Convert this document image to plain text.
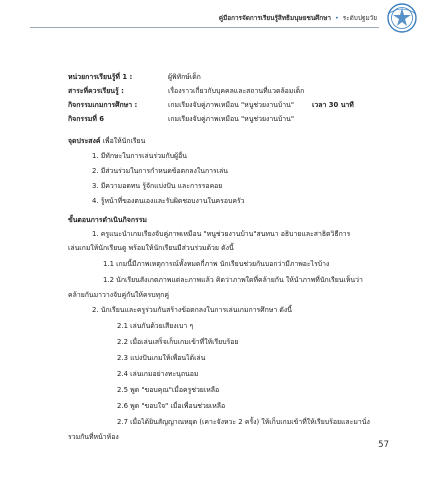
คู่มือการจัดการเรียนรู้สิทธิมนุษยชนศึกษา • ระดับปฐมวัย
หน่วยการเรียนรู้ที่ 1 :	ผู้พิทักษ์เด็ก
สาระที่ควรเรียนรู้ :	เรื่องราวเกี่ยวกับบุคคลและสถานที่แวดล้อมเด็ก
กิจกรรมเกมการศึกษา :	เกมเรียงจับคู่ภาพเหมือน "หนูช่วยงานบ้าน"	เวลา 30 นาที
กิจกรรมที่ 6	เกมเรียงจับคู่ภาพเหมือน "หนูช่วยงานบ้าน"
จุดประสงค์ เพื่อให้นักเรียน
1. มีทักษะในการเล่นร่วมกับผู้อื่น
2. มีส่วนร่วมในการกำหนดข้อตกลงในการเล่น
3. มีความอดทน รู้จักแบ่งปัน และการรอคอย
4. รู้หน้าที่ของตนเองและรับผิดชอบงานในครอบครัว
ขั้นตอนการดำเนินกิจกรรม
1. ครูแนะนำเกมเรียงจับคู่ภาพเหมือน "หนูช่วยงานบ้าน"สนทนา อธิบายและสาธิตวิธีการ
เล่นเกมให้นักเรียนดู พร้อมให้นักเรียนมีส่วนร่วมด้วย ดังนี้
1.1 เกมนี้มีภาพเหตุการณ์ทั้งหมดกี่ภาพ นักเรียนช่วยกันบอกว่ามีภาพอะไรบ้าง
1.2 นักเรียนสังเกตภาพแต่ละภาพแล้ว คิดว่าภาพใดที่คล้ายกัน ให้นำภาพที่นักเรียนเห็นว่า
คล้ายกันมาวางจับคู่กันให้ครบทุกคู่
2. นักเรียนและครูร่วมกันสร้างข้อตกลงในการเล่นเกมการศึกษา ดังนี้
2.1 เล่นกันด้วยเสียงเบา ๆ
2.2 เมื่อเล่นเสร็จเก็บเกมเข้าที่ให้เรียบร้อย
2.3 แบ่งปันเกมให้เพื่อนได้เล่น
2.4 เล่นเกมอย่างทะนุถนอม
2.5 พูด "ขอบคุณ"เมื่อครูช่วยเหลือ
2.6 พูด "ขอบใจ" เมื่อเพื่อนช่วยเหลือ
2.7 เมื่อได้ยินสัญญาณหยุด (เคาะจังหวะ 2 ครั้ง) ให้เก็บเกมเข้าที่ให้เรียบร้อยและมานั่ง
รวมกันที่หน้าห้อง
57
